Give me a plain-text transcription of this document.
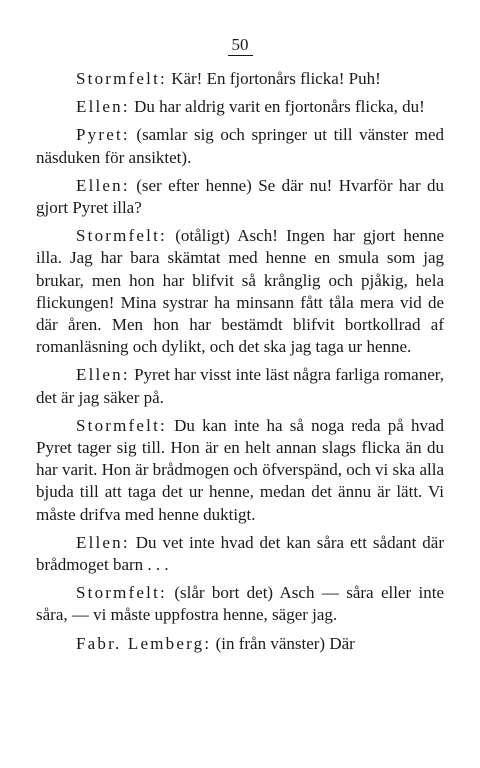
50

Stormfelt: Kär! En fjortonårs flicka! Puh!

Ellen: Du har aldrig varit en fjortonårs flicka, du!

Pyret: (samlar sig och springer ut till vänster med näsduken för ansiktet).

Ellen: (ser efter henne) Se där nu! Hvarför har du gjort Pyret illa?

Stormfelt: (otåligt) Asch! Ingen har gjort henne illa. Jag har bara skämtat med henne en smula som jag brukar, men hon har blifvit så krånglig och pjåkig, hela flickungen! Mina systrar ha minsann fått tåla mera vid de där åren. Men hon har bestämdt blifvit bortkollrad af romanläsning och dylikt, och det ska jag taga ur henne.

Ellen: Pyret har visst inte läst några farliga romaner, det är jag säker på.

Stormfelt: Du kan inte ha så noga reda på hvad Pyret tager sig till. Hon är en helt annan slags flicka än du har varit. Hon är brådmogen och öfverspänd, och vi ska alla bjuda till att taga det ur henne, medan det ännu är lätt. Vi måste drifva med henne duktigt.

Ellen: Du vet inte hvad det kan såra ett sådant där brådmoget barn . . .

Stormfelt: (slår bort det) Asch — såra eller inte såra, — vi måste uppfostra henne, säger jag.

Fabr. Lemberg: (in från vänster) Där
